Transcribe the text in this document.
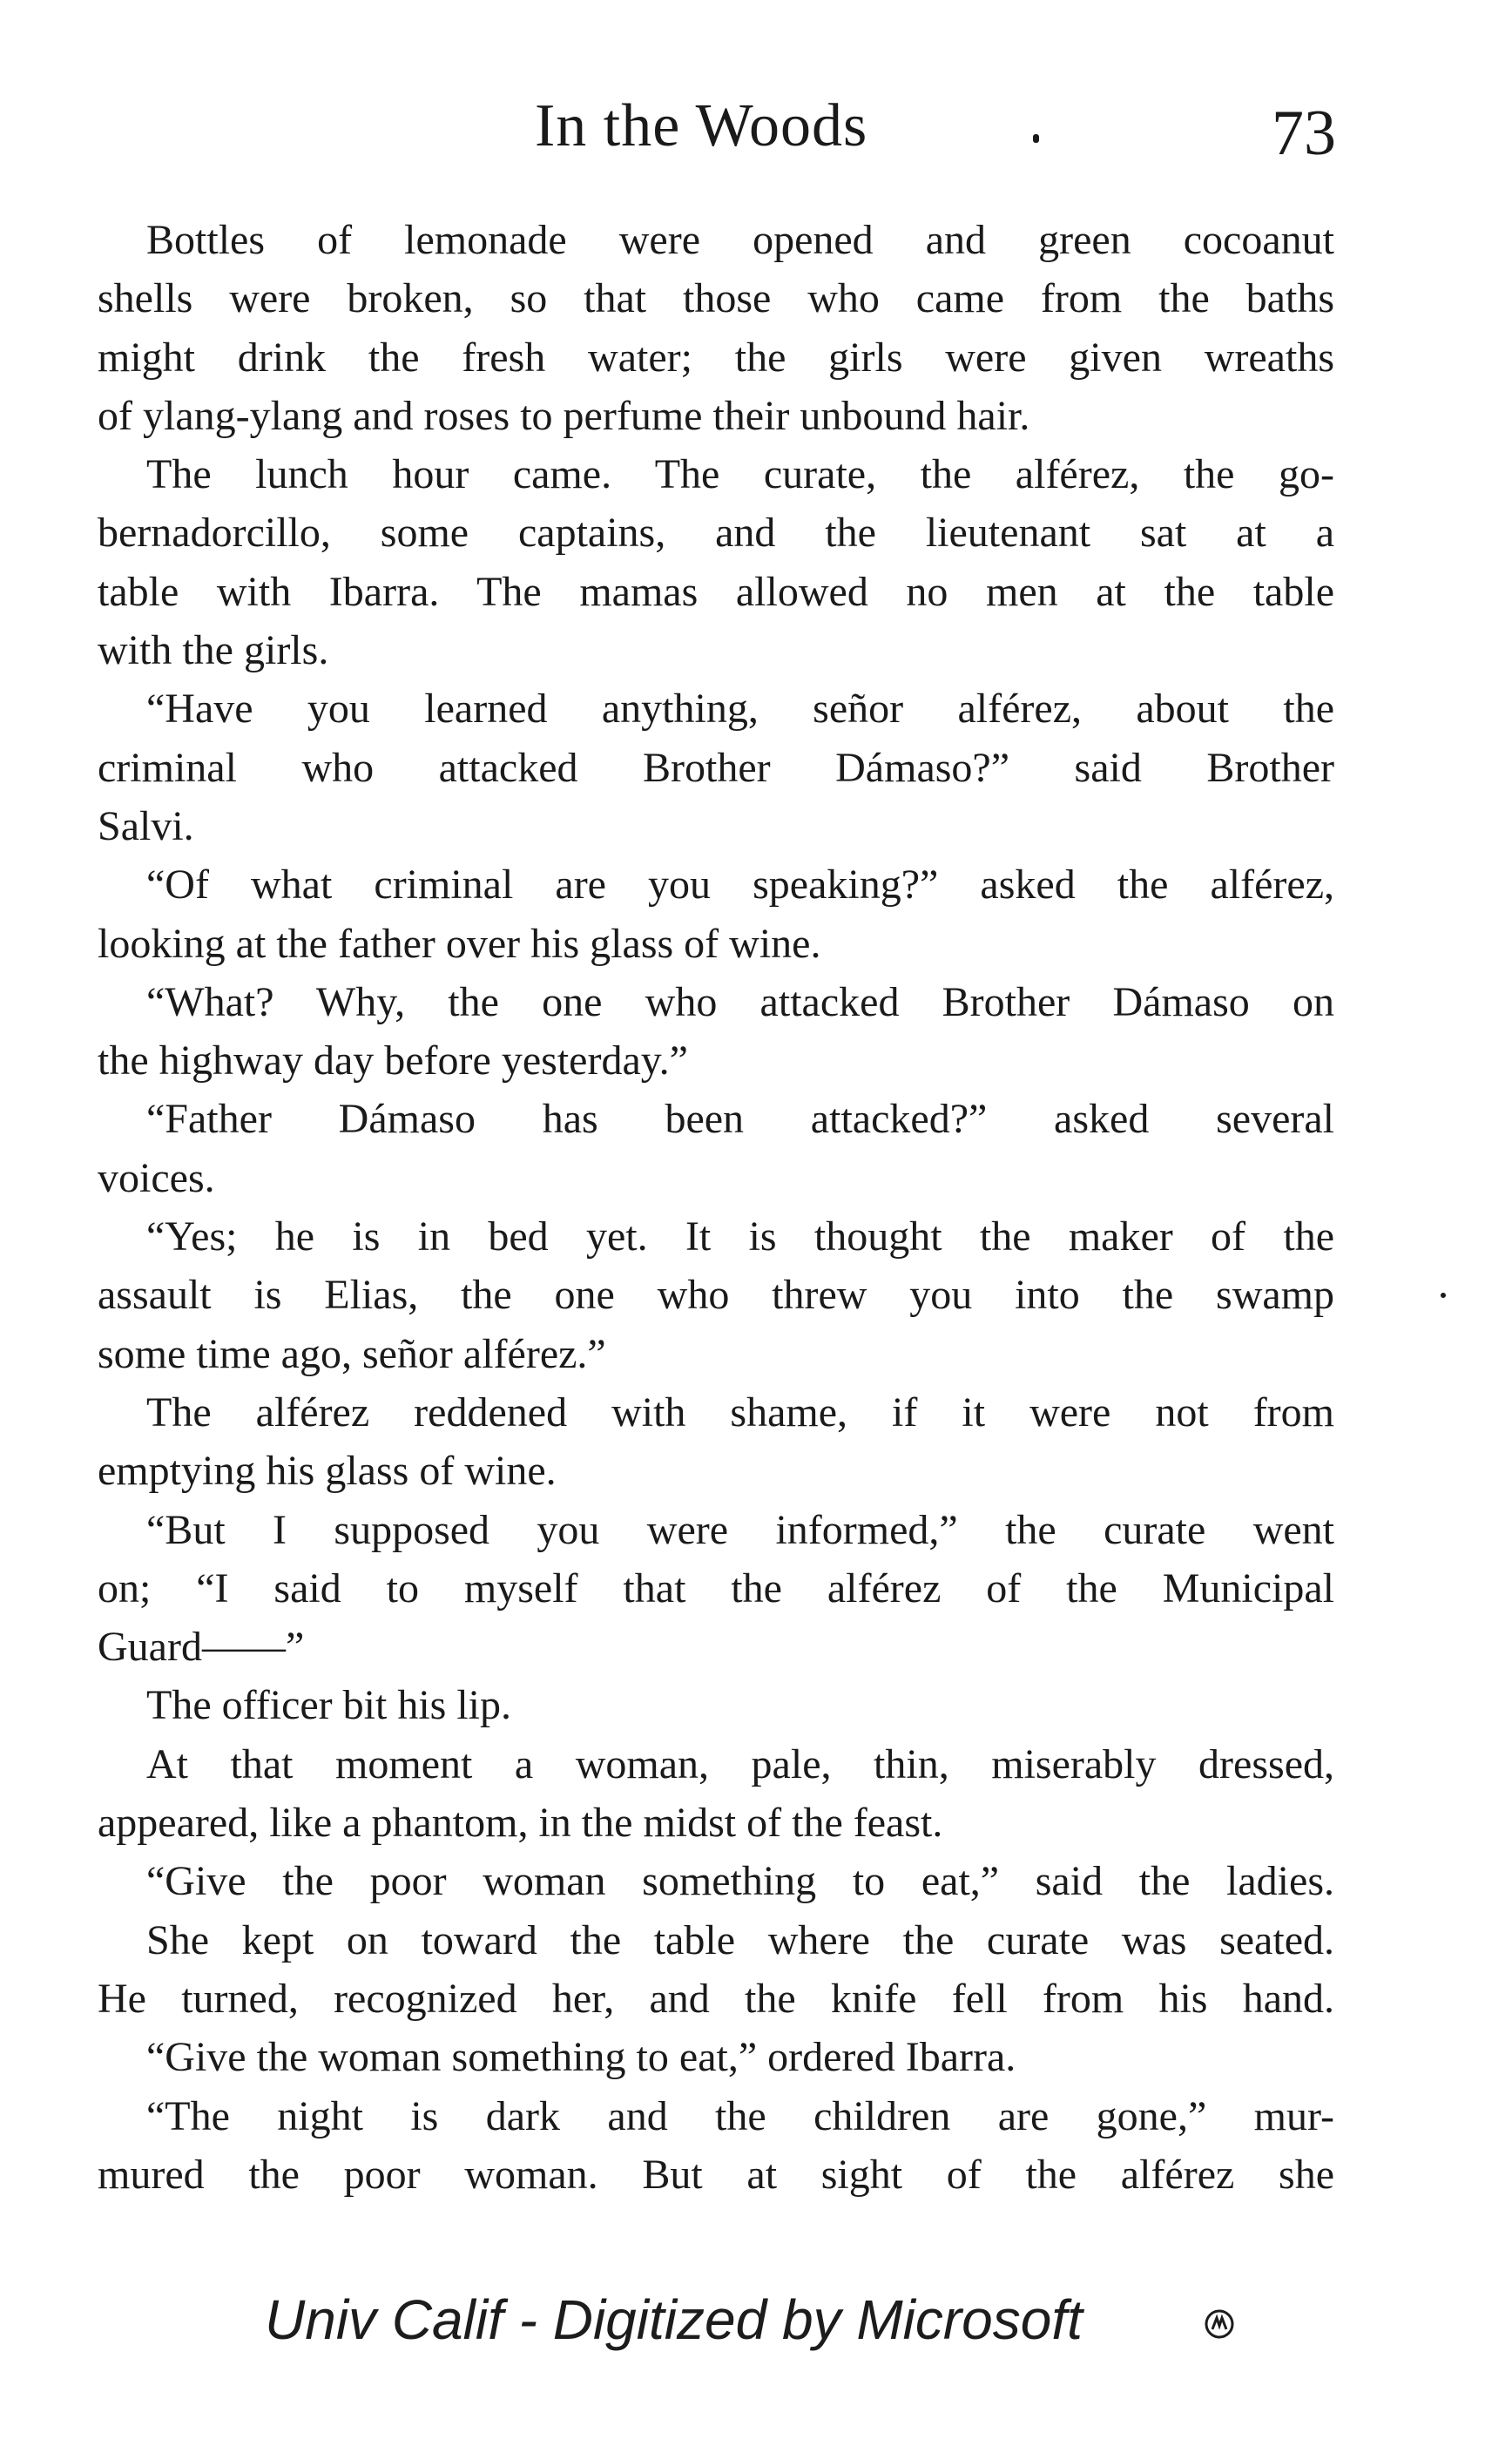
In the Woods	73

Bottles of lemonade were opened and green cocoanut
shells were broken, so that those who came from the baths
might drink the fresh water; the girls were given wreaths
of ylang-ylang and roses to perfume their unbound hair.

The lunch hour came. The curate, the alférez, the go-
bernadorcillo, some captains, and the lieutenant sat at a
table with Ibarra. The mamas allowed no men at the table
with the girls.

“Have you learned anything, señor alférez, about the
criminal who attacked Brother Dámaso?” said Brother
Salvi.

“Of what criminal are you speaking?” asked the alférez,
looking at the father over his glass of wine.

“What? Why, the one who attacked Brother Dámaso on
the highway day before yesterday.”

“Father Dámaso has been attacked?” asked several
voices.

“Yes; he is in bed yet. It is thought the maker of the
assault is Elias, the one who threw you into the swamp
some time ago, señor alférez.”

The alférez reddened with shame, if it were not from
emptying his glass of wine.

“But I supposed you were informed,” the curate went
on; “I said to myself that the alférez of the Municipal
Guard——”

The officer bit his lip.

At that moment a woman, pale, thin, miserably dressed,
appeared, like a phantom, in the midst of the feast.

“Give the poor woman something to eat,” said the ladies.

She kept on toward the table where the curate was seated.
He turned, recognized her, and the knife fell from his hand.

“Give the woman something to eat,” ordered Ibarra.

“The night is dark and the children are gone,” mur-
mured the poor woman. But at sight of the alférez she

Univ Calif - Digitized by Microsoft
